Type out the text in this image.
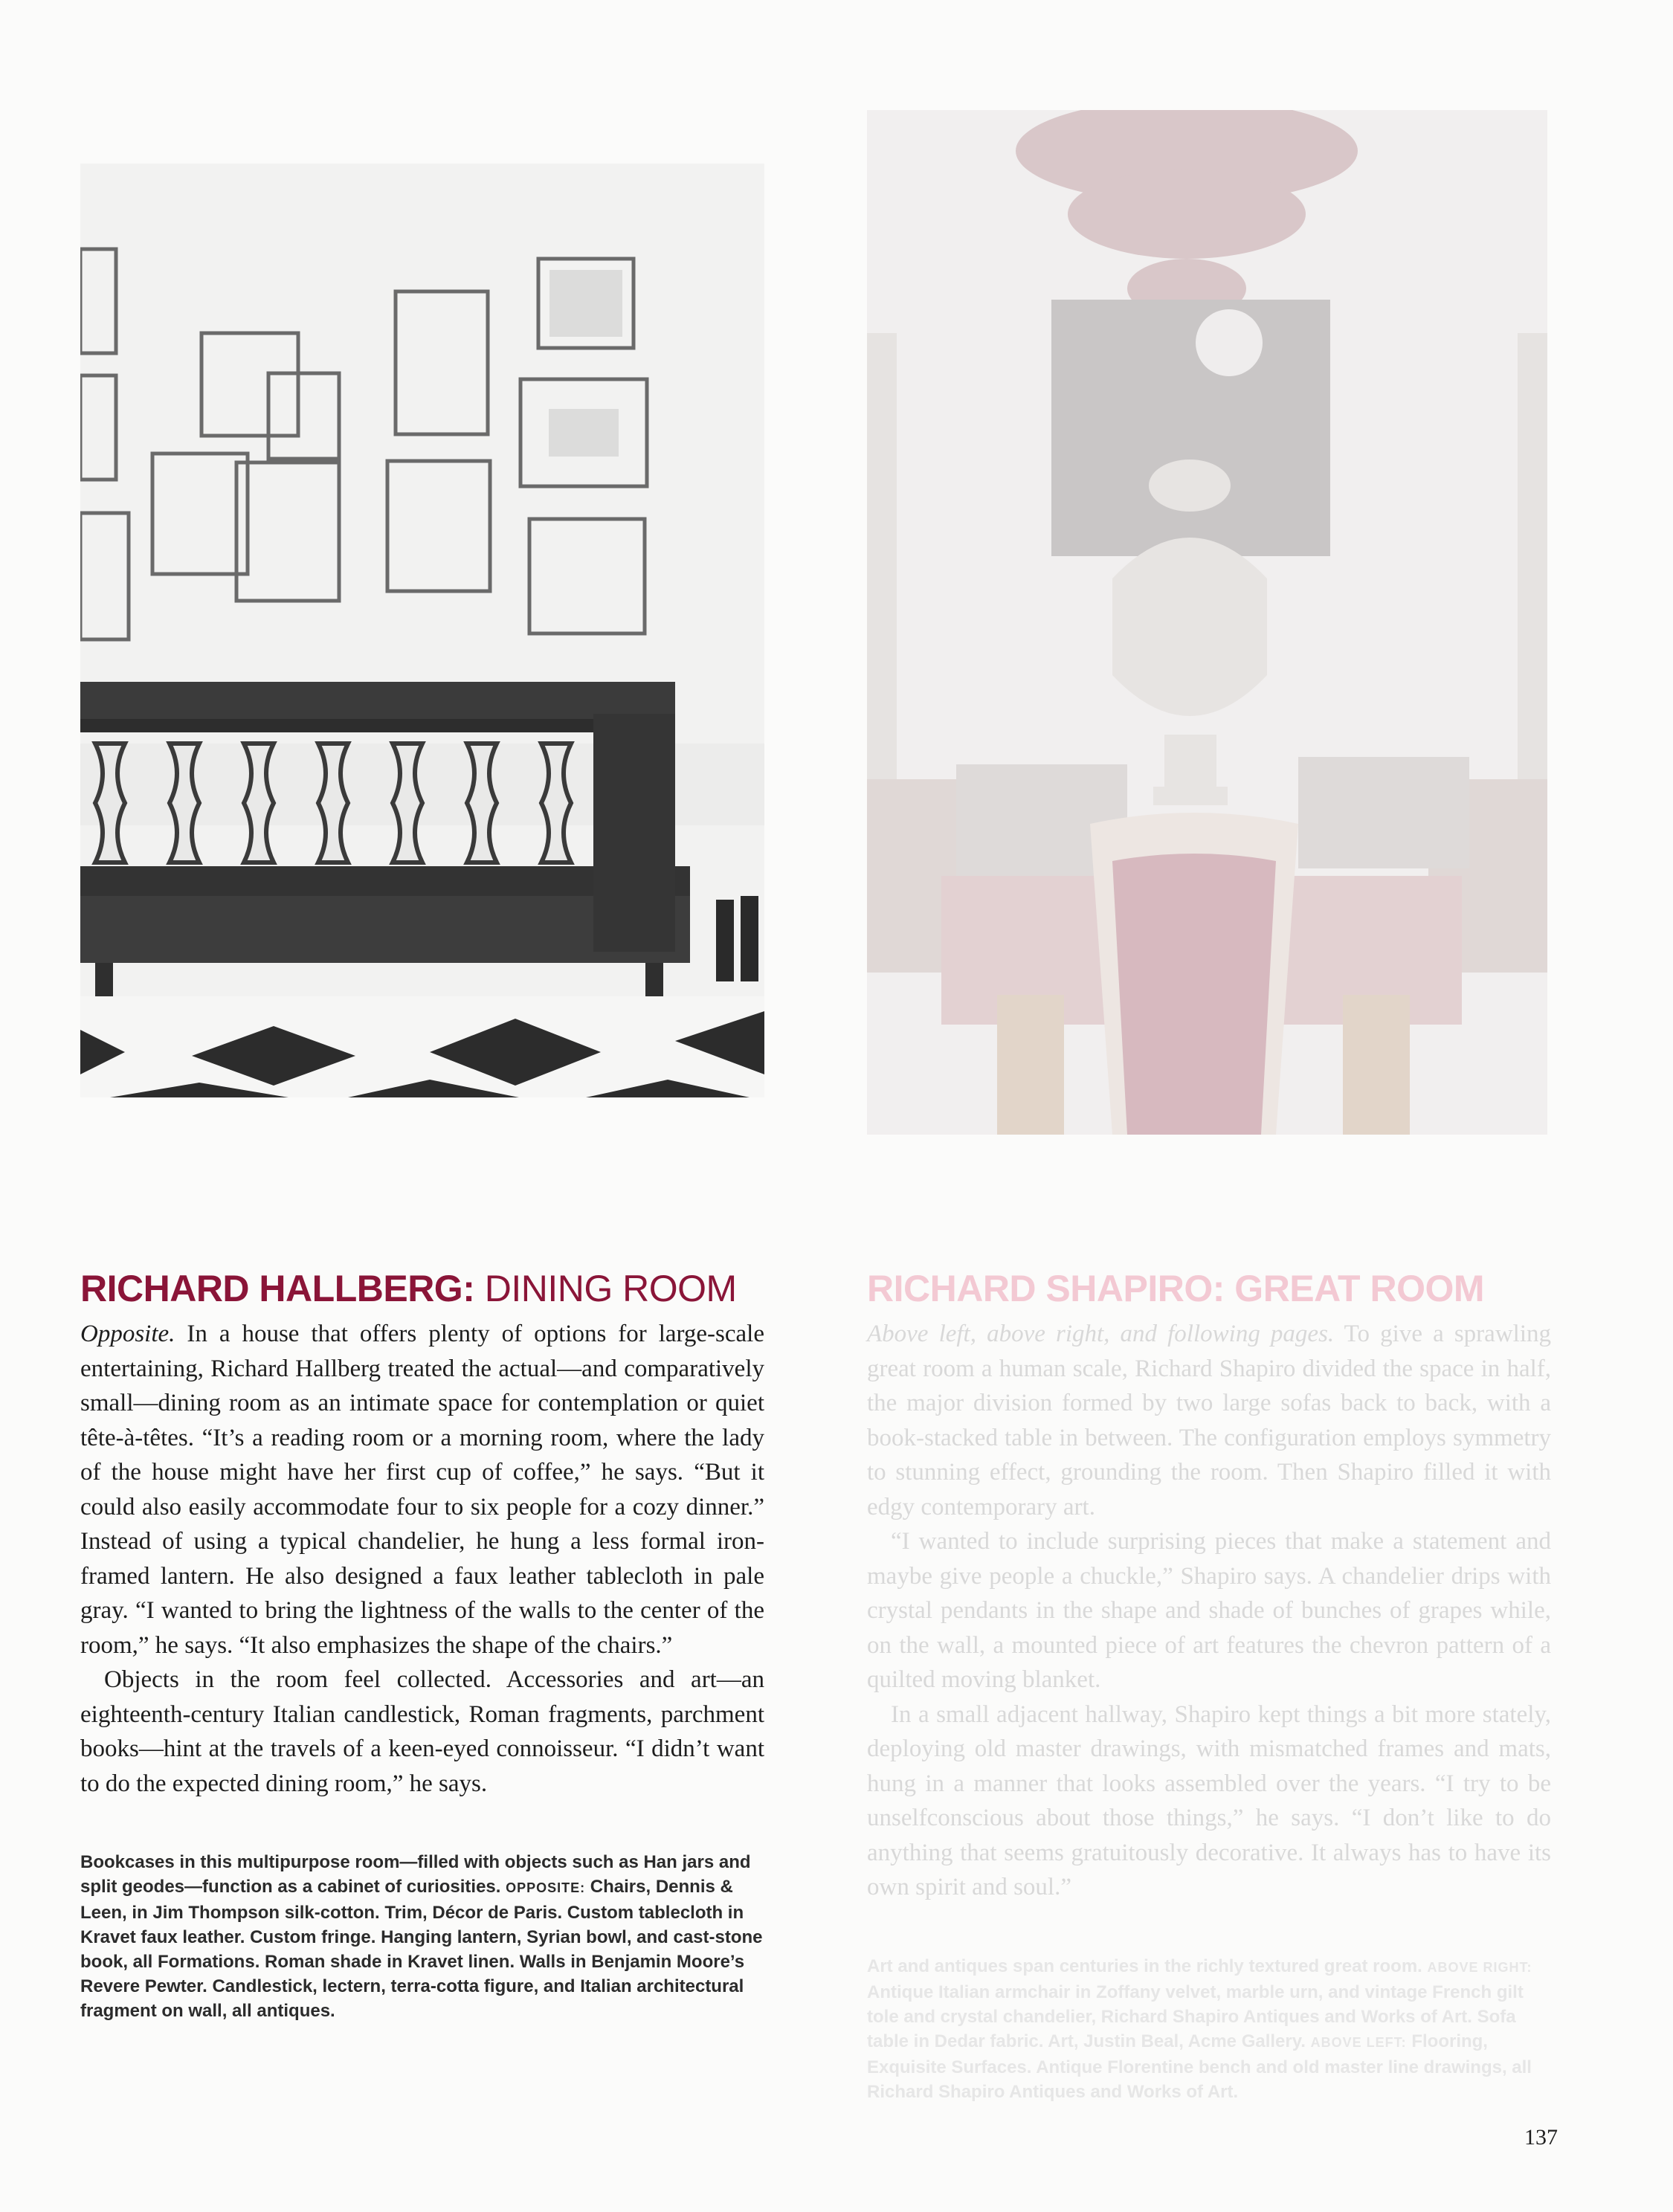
RICHARD HALLBERG: DINING ROOM

Opposite. In a house that offers plenty of options for large-scale entertaining, Richard Hallberg treated the actual—and comparatively small—dining room as an intimate space for contemplation or quiet tête-à-têtes. “It’s a reading room or a morning room, where the lady of the house might have her first cup of coffee,” he says. “But it could also easily accommodate four to six people for a cozy dinner.” Instead of using a typical chandelier, he hung a less formal iron-framed lantern. He also designed a faux leather tablecloth in pale gray. “I wanted to bring the lightness of the walls to the center of the room,” he says. “It also emphasizes the shape of the chairs.”

Objects in the room feel collected. Accessories and art—an eighteenth-century Italian candlestick, Roman fragments, parchment books—hint at the travels of a keen-eyed connoisseur. “I didn’t want to do the expected dining room,” he says.

Bookcases in this multipurpose room—filled with objects such as Han jars and split geodes—function as a cabinet of curiosities. OPPOSITE: Chairs, Dennis & Leen, in Jim Thompson silk-cotton. Trim, Décor de Paris. Custom tablecloth in Kravet faux leather. Custom fringe. Hanging lantern, Syrian bowl, and cast-stone book, all Formations. Roman shade in Kravet linen. Walls in Benjamin Moore’s Revere Pewter. Candlestick, lectern, terra-cotta figure, and Italian architectural fragment on wall, all antiques.
RICHARD SHAPIRO: GREAT ROOM

Above left, above right, and following pages. To give a sprawling great room a human scale, Richard Shapiro divided the space in half, the major division formed by two large sofas back to back, with a book-stacked table in between. The configuration employs symmetry to stunning effect, grounding the room. Then Shapiro filled it with edgy contemporary art.

“I wanted to include surprising pieces that make a statement and maybe give people a chuckle,” Shapiro says. A chandelier drips with crystal pendants in the shape and shade of bunches of grapes while, on the wall, a mounted piece of art features the chevron pattern of a quilted moving blanket.

In a small adjacent hallway, Shapiro kept things a bit more stately, deploying old master drawings, with mismatched frames and mats, hung in a manner that looks assembled over the years. “I try to be unselfconscious about those things,” he says. “I don’t like to do anything that seems gratuitously decorative. It always has to have its own spirit and soul.”

Art and antiques span centuries in the richly textured great room. ABOVE RIGHT: Antique Italian armchair in Zoffany velvet, marble urn, and vintage French gilt tole and crystal chandelier, Richard Shapiro Antiques and Works of Art. Sofa table in Dedar fabric. Art, Justin Beal, Acme Gallery. ABOVE LEFT: Flooring, Exquisite Surfaces. Antique Florentine bench and old master line drawings, all Richard Shapiro Antiques and Works of Art.
137
